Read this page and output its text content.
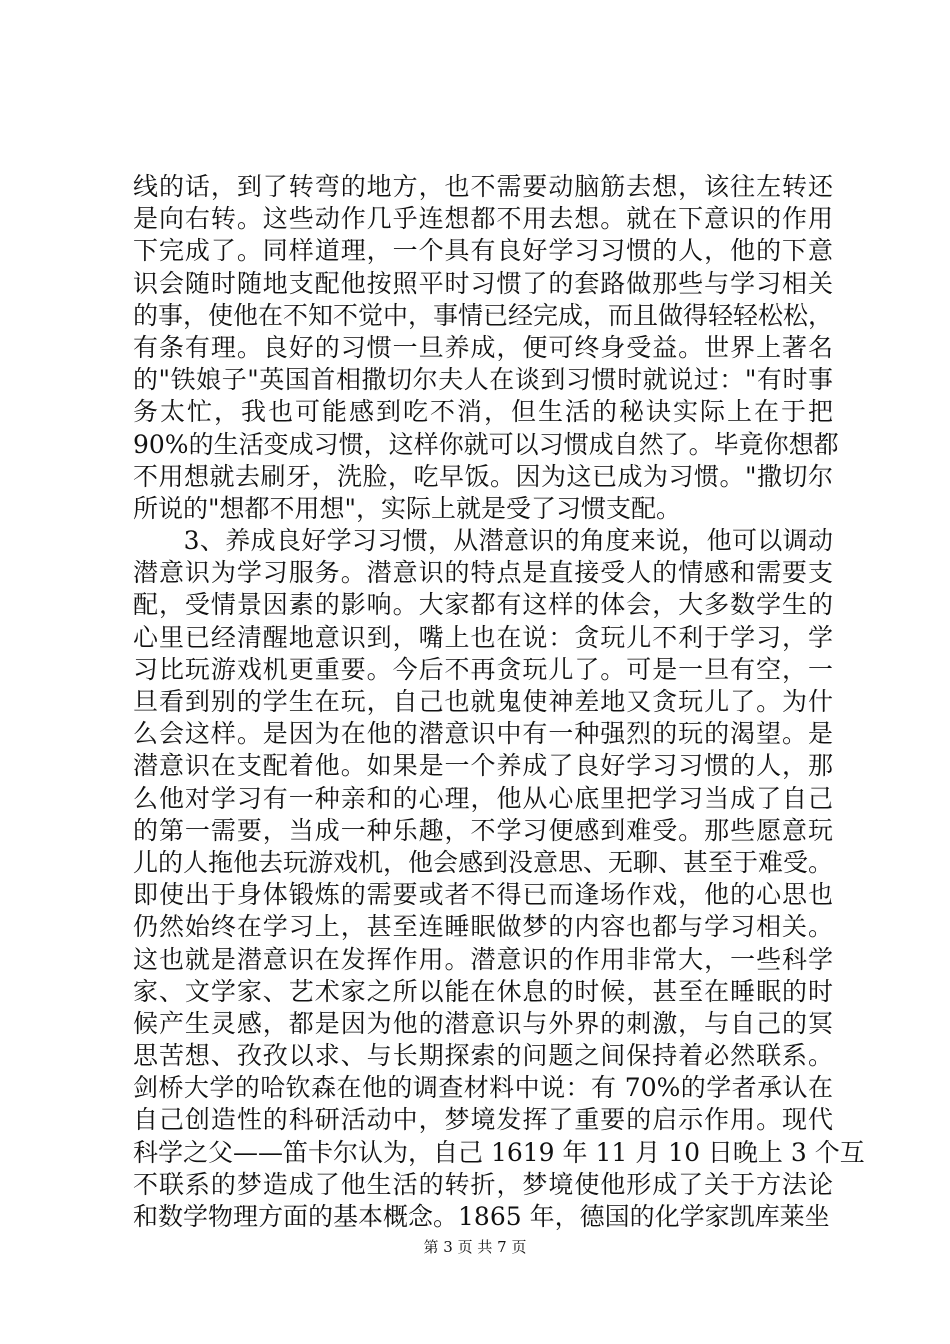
线的话，到了转弯的地方，也不需要动脑筋去想，该往左转还
是向右转。这些动作几乎连想都不用去想。就在下意识的作用
下完成了。同样道理，一个具有良好学习习惯的人，他的下意
识会随时随地支配他按照平时习惯了的套路做那些与学习相关
的事，使他在不知不觉中，事情已经完成，而且做得轻轻松松，
有条有理。良好的习惯一旦养成，便可终身受益。世界上著名
的"铁娘子"英国首相撒切尔夫人在谈到习惯时就说过："有时事
务太忙，我也可能感到吃不消，但生活的秘诀实际上在于把
90%的生活变成习惯，这样你就可以习惯成自然了。毕竟你想都
不用想就去刷牙，洗脸，吃早饭。因为这已成为习惯。"撒切尔
所说的"想都不用想"，实际上就是受了习惯支配。
　　3、养成良好学习习惯，从潜意识的角度来说，他可以调动
潜意识为学习服务。潜意识的特点是直接受人的情感和需要支
配，受情景因素的影响。大家都有这样的体会，大多数学生的
心里已经清醒地意识到，嘴上也在说：贪玩儿不利于学习，学
习比玩游戏机更重要。今后不再贪玩儿了。可是一旦有空，一
旦看到别的学生在玩，自己也就鬼使神差地又贪玩儿了。为什
么会这样。是因为在他的潜意识中有一种强烈的玩的渴望。是
潜意识在支配着他。如果是一个养成了良好学习习惯的人，那
么他对学习有一种亲和的心理，他从心底里把学习当成了自己
的第一需要，当成一种乐趣，不学习便感到难受。那些愿意玩
儿的人拖他去玩游戏机，他会感到没意思、无聊、甚至于难受。
即使出于身体锻炼的需要或者不得已而逢场作戏，他的心思也
仍然始终在学习上，甚至连睡眠做梦的内容也都与学习相关。
这也就是潜意识在发挥作用。潜意识的作用非常大，一些科学
家、文学家、艺术家之所以能在休息的时候，甚至在睡眠的时
候产生灵感，都是因为他的潜意识与外界的刺激，与自己的冥
思苦想、孜孜以求、与长期探索的问题之间保持着必然联系。
剑桥大学的哈钦森在他的调查材料中说：有 70%的学者承认在
自己创造性的科研活动中，梦境发挥了重要的启示作用。现代
科学之父——笛卡尔认为，自己 1619 年 11 月 10 日晚上 3 个互
不联系的梦造成了他生活的转折，梦境使他形成了关于方法论
和数学物理方面的基本概念。1865 年，德国的化学家凯库莱坐
第 3 页 共 7 页
